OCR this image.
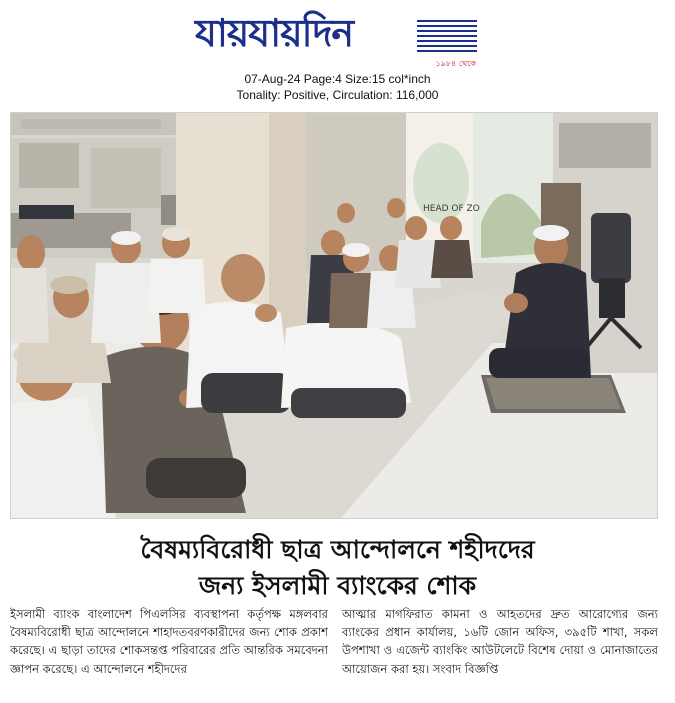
যায়যায়দিন
১৯৮৪ থেকে
07-Aug-24 Page:4 Size:15 col*inch
Tonality: Positive, Circulation: 116,000
HEAD OF ZO
বৈষম্যবিরোধী ছাত্র আন্দোলনে শহীদদের
জন্য ইসলামী ব্যাংকের শোক
ইসলামী ব্যাংক বাংলাদেশ পিএলসির ব্যবস্থাপনা কর্তৃপক্ষ মঙ্গলবার বৈষম্যবিরোধী ছাত্র আন্দোলনে শাহাদতবরণকারীদের জন্য শোক প্রকাশ করেছে। এ ছাড়া তাদের শোকসন্তপ্ত পরিবারের প্রতি আন্তরিক সমবেদনা জ্ঞাপন করেছে। এ আন্দোলনে শহীদদের
আত্মার মাগফিরাত কামনা ও আহতদের দ্রুত আরোগ্যের জন্য ব্যাংকের প্রধান কার্যালয়, ১৬টি জোন অফিস, ৩৯৫টি শাখা, সকল উপশাখা ও এজেন্ট ব্যাংকিং আউটলেটে বিশেষ দোয়া ও মোনাজাতের আয়োজন করা হয়। সংবাদ বিজ্ঞপ্তি
